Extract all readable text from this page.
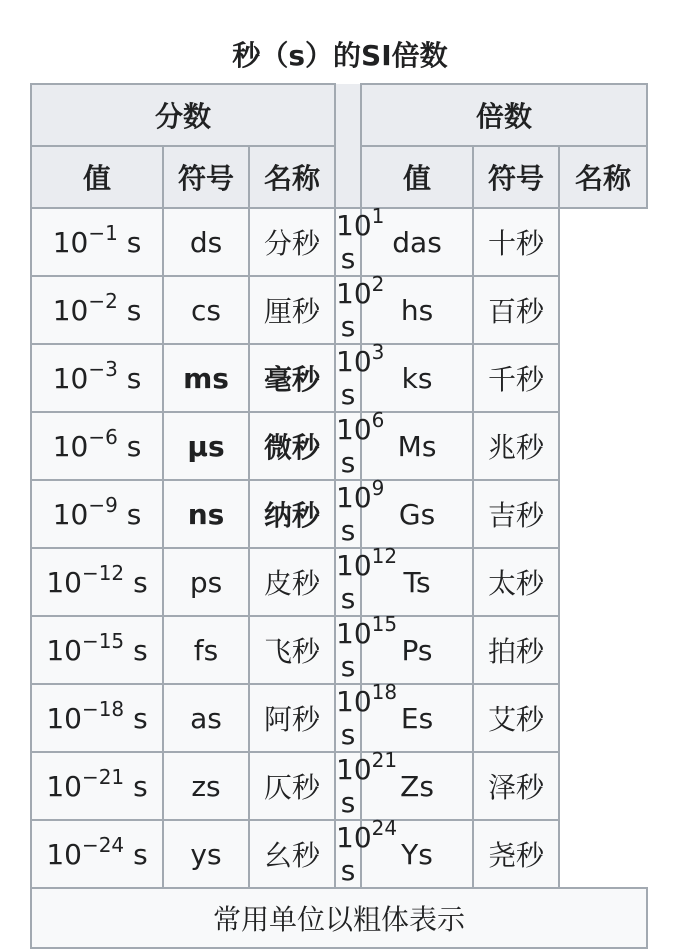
秒（s）的SI倍数
分数				倍数		
值	符号	名称		值	符号	名称
$10^{-1}$ s	ds	分秒	$10^1$ s	das	十秒	
$10^{-2}$ s	cs	厘秒	$10^2$ s	hs	百秒	
$10^{-3}$ s	ms	毫秒	$10^3$ s	ks	千秒	
$10^{-6}$ s	µs	微秒	$10^6$ s	Ms	兆秒	
$10^{-9}$ s	ns	纳秒	$10^9$ s	Gs	吉秒	
$10^{-12}$ s	ps	皮秒	$10^{12}$ s	Ts	太秒	
$10^{-15}$ s	fs	飞秒	$10^{15}$ s	Ps	拍秒	
$10^{-18}$ s	as	阿秒	$10^{18}$ s	Es	艾秒	
$10^{-21}$ s	zs	仄秒	$10^{21}$ s	Zs	泽秒	
$10^{-24}$ s	ys	幺秒	$10^{24}$ s	Ys	尧秒	
常用单位以粗体表示						
